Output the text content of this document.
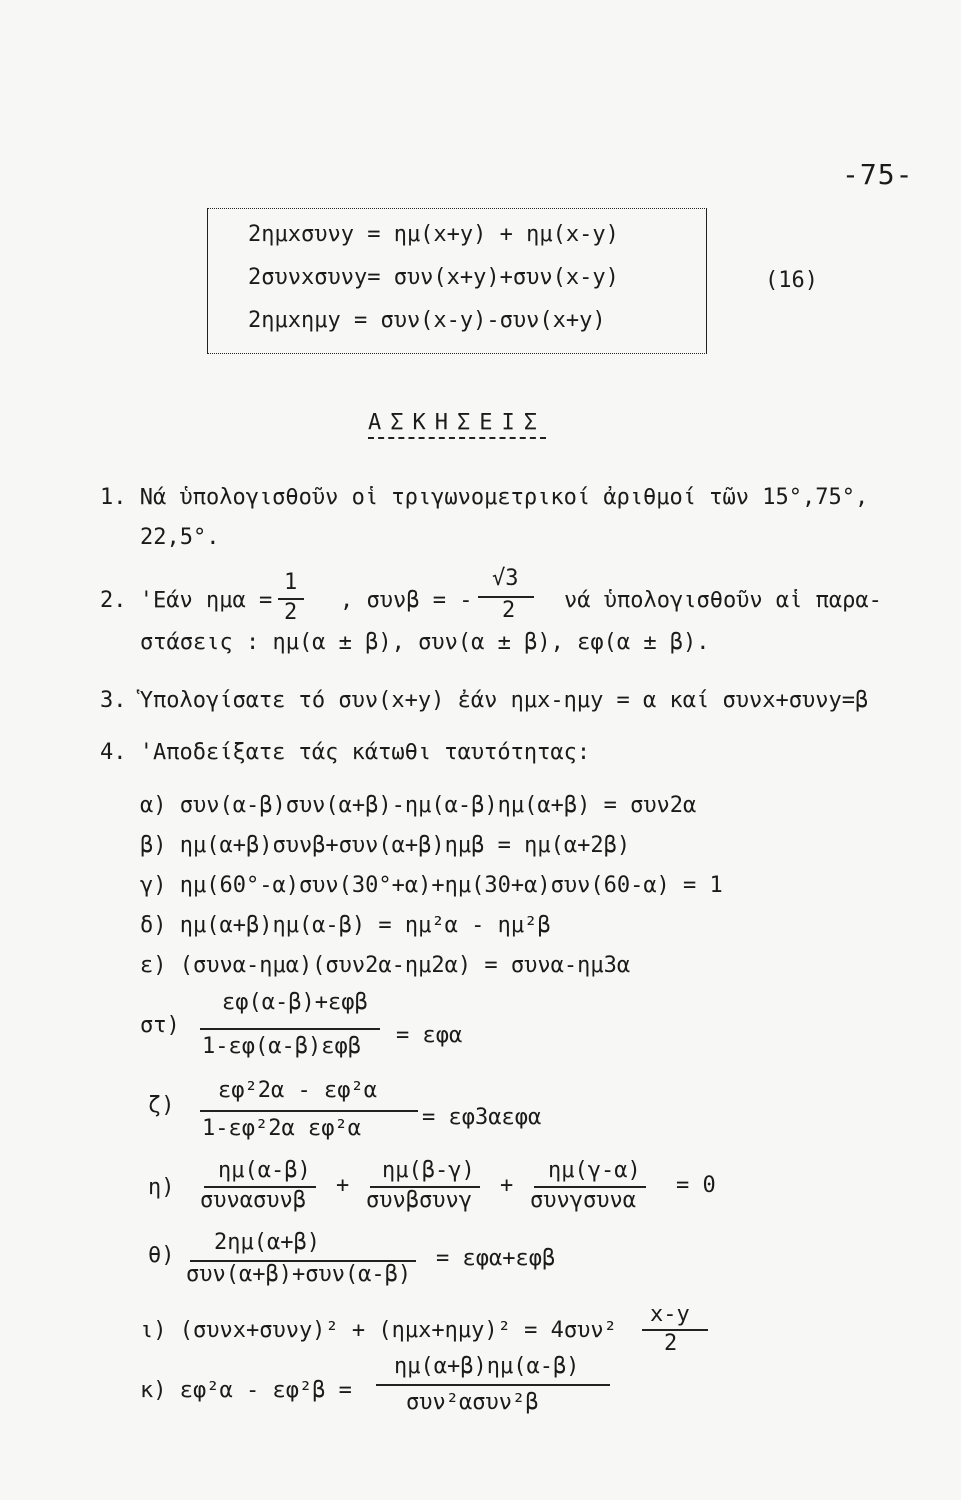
-75-
2ημxσυνy = ημ(x+y) + ημ(x-y)
2συνxσυνy= συν(x+y)+συν(x-y)
2ημxημy = συν(x-y)-συν(x+y)
(16)
ΑΣΚΗΣΕΙΣ
1. Νά ὑπολογισθοῦν οἱ τριγωνομετρικοί ἀριθμοί τῶν 15°,75°,
22,5°.
2. 'Εάν ημα =
1
2 , συνβ = -
√3
2 νά ὑπολογισθοῦν αἱ παρα-
στάσεις : ημ(α ± β), συν(α ± β), εφ(α ± β).
3. Ὑπολογίσατε τό συν(x+y) ἐάν ημx-ημy = α καί συνx+συνy=β
4. 'Αποδείξατε τάς κάτωθι ταυτότητας:
α) συν(α-β)συν(α+β)-ημ(α-β)ημ(α+β) = συν2α
β) ημ(α+β)συνβ+συν(α+β)ημβ = ημ(α+2β)
γ) ημ(60°-α)συν(30°+α)+ημ(30+α)συν(60-α) = 1
δ) ημ(α+β)ημ(α-β) = ημ²α - ημ²β
ε) (συνα-ημα)(συν2α-ημ2α) = συνα-ημ3α
στ)
εφ(α-β)+εφβ
1-εφ(α-β)εφβ = εφα
ζ)
εφ²2α - εφ²α
1-εφ²2α εφ²α	= εφ3αεφα
η)
ημ(α-β)
συνασυνβ
+
ημ(β-γ)
συνβσυνγ
+
ημ(γ-α)
συνγσυνα
= 0
θ)
2ημ(α+β)
συν(α+β)+συν(α-β)
= εφα+εφβ
ι) (συνx+συνy)² + (ημx+ημy)² = 4συν²
x-y
2
κ) εφ²α - εφ²β =
ημ(α+β)ημ(α-β)
συν²ασυν²β
